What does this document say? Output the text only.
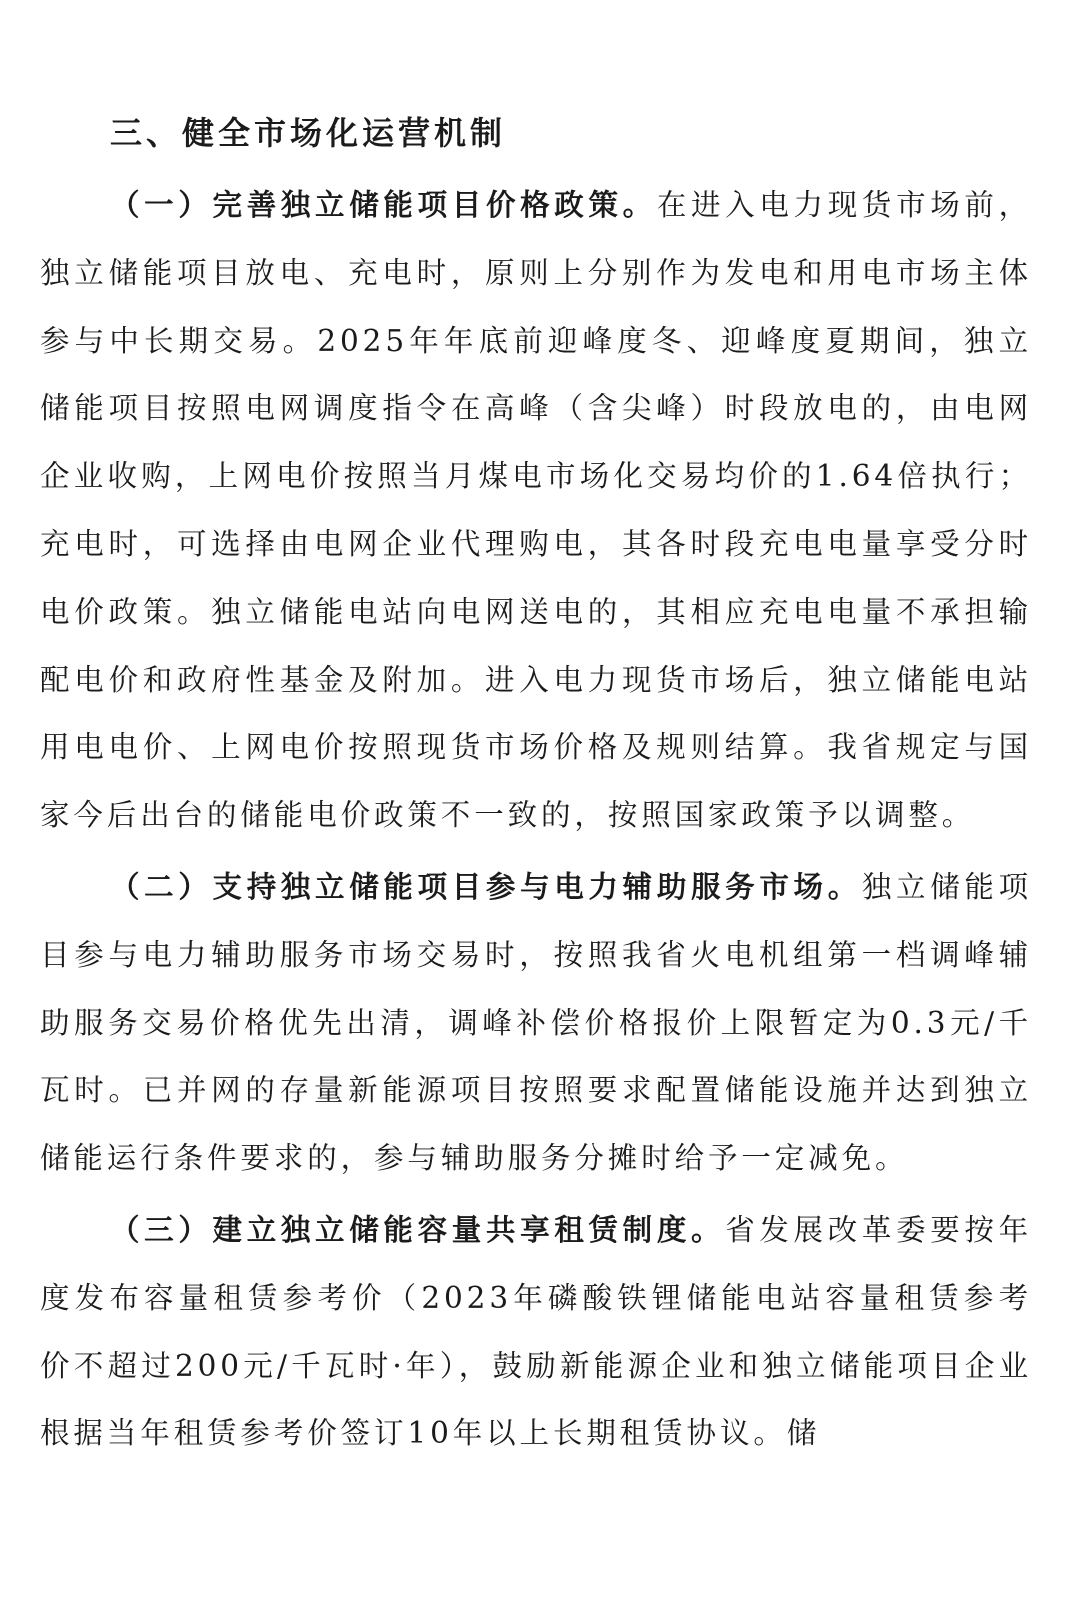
三、健全市场化运营机制

（一）完善独立储能项目价格政策。在进入电力现货市场前，独立储能项目放电、充电时，原则上分别作为发电和用电市场主体参与中长期交易。2025年年底前迎峰度冬、迎峰度夏期间，独立储能项目按照电网调度指令在高峰（含尖峰）时段放电的，由电网企业收购，上网电价按照当月煤电市场化交易均价的1.64倍执行；充电时，可选择由电网企业代理购电，其各时段充电电量享受分时电价政策。独立储能电站向电网送电的，其相应充电电量不承担输配电价和政府性基金及附加。进入电力现货市场后，独立储能电站用电电价、上网电价按照现货市场价格及规则结算。我省规定与国家今后出台的储能电价政策不一致的，按照国家政策予以调整。

（二）支持独立储能项目参与电力辅助服务市场。独立储能项目参与电力辅助服务市场交易时，按照我省火电机组第一档调峰辅助服务交易价格优先出清，调峰补偿价格报价上限暂定为0.3元/千瓦时。已并网的存量新能源项目按照要求配置储能设施并达到独立储能运行条件要求的，参与辅助服务分摊时给予一定减免。

（三）建立独立储能容量共享租赁制度。省发展改革委要按年度发布容量租赁参考价（2023年磷酸铁锂储能电站容量租赁参考价不超过200元/千瓦时·年），鼓励新能源企业和独立储能项目企业根据当年租赁参考价签订10年以上长期租赁协议。储
